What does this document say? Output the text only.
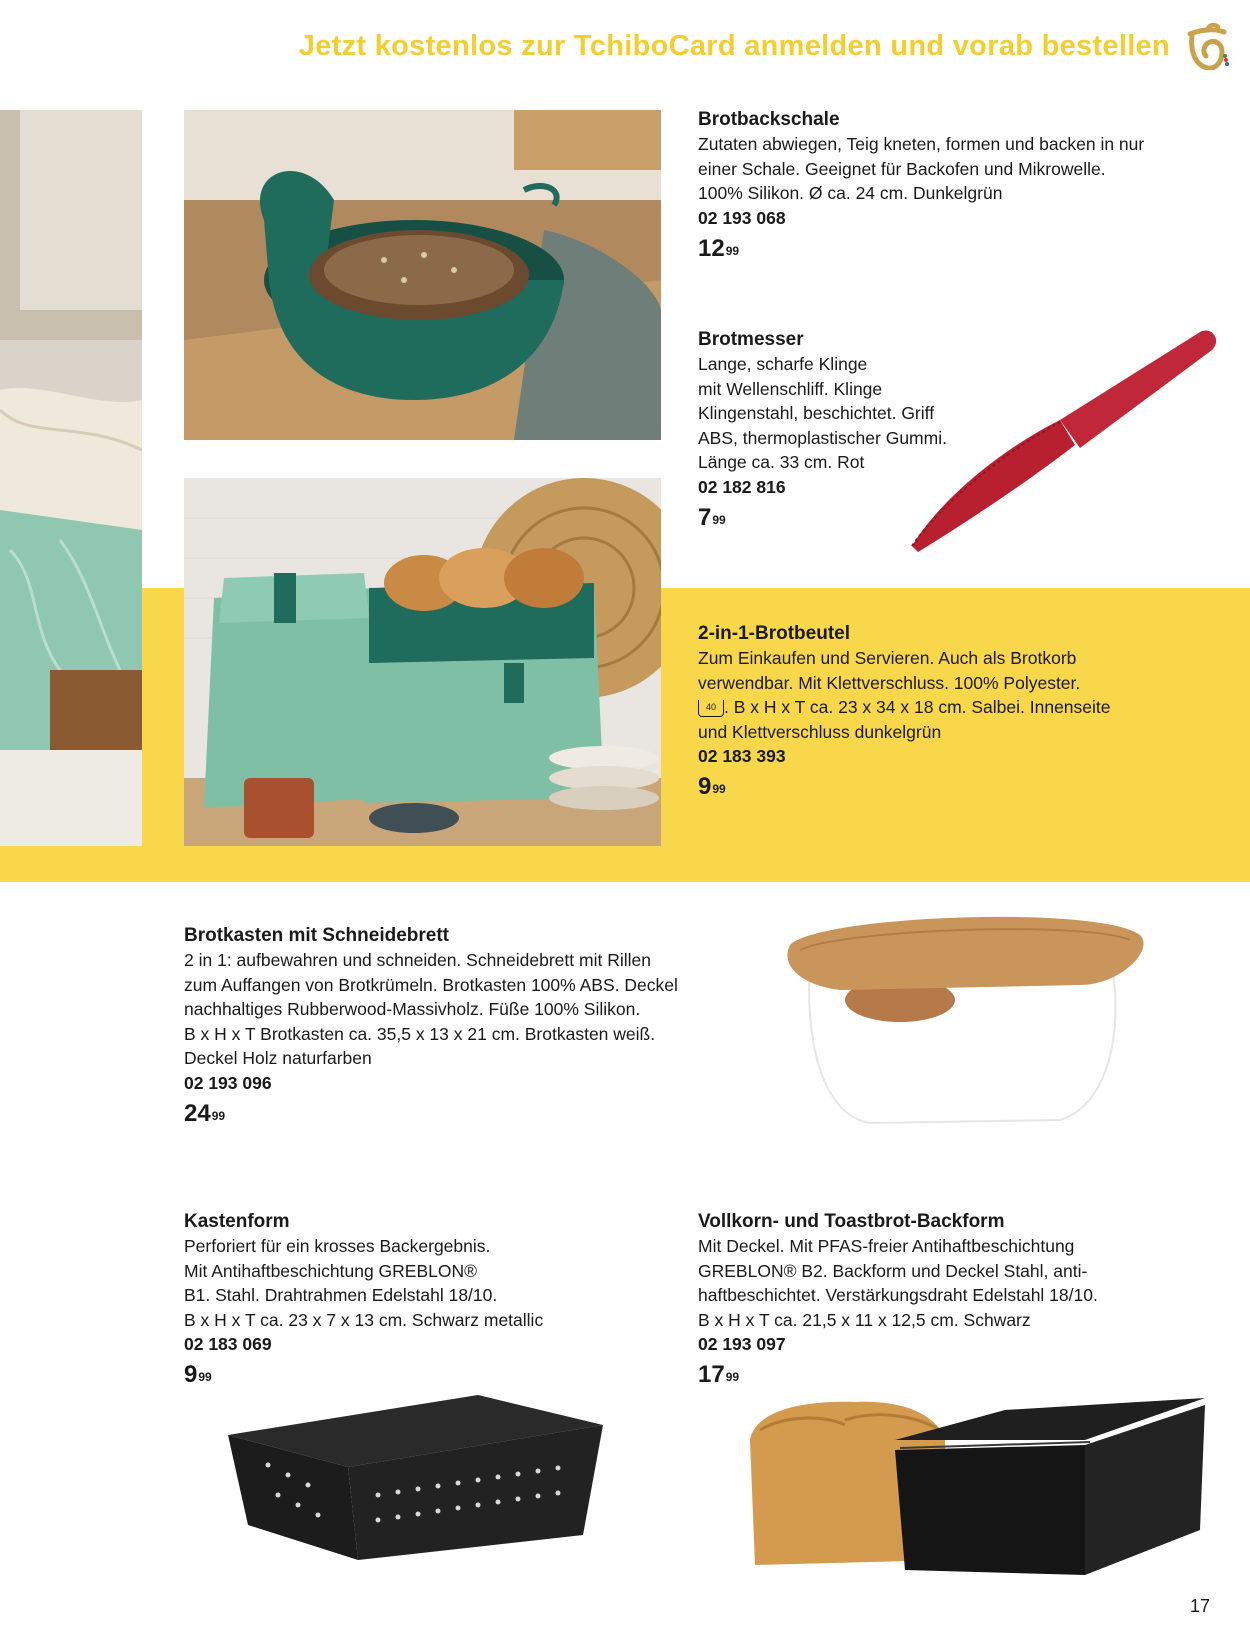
Jetzt kostenlos zur TchiboCard anmelden und vorab bestellen
Brotbackschale
Zutaten abwiegen, Teig kneten, formen und backen in nur
einer Schale. Geeignet für Backofen und Mikrowelle.
100% Silikon. Ø ca. 24 cm. Dunkelgrün
02 193 068
$12^{99}$
Brotmesser
Lange, scharfe Klinge
mit Wellenschliff. Klinge
Klingenstahl, beschichtet. Griff
ABS, thermoplastischer Gummi.
Länge ca. 33 cm. Rot
02 182 816
$7^{99}$
2-in-1-Brotbeutel
Zum Einkaufen und Servieren. Auch als Brotkorb
verwendbar. Mit Klettverschluss. 100% Polyester.
40 . B x H x T ca. 23 x 34 x 18 cm. Salbei. Innenseite
und Klettverschluss dunkelgrün
02 183 393
$9^{99}$
Brotkasten mit Schneidebrett
2 in 1: aufbewahren und schneiden. Schneidebrett mit Rillen
zum Auffangen von Brotkrümeln. Brotkasten 100% ABS. Deckel
nachhaltiges Rubberwood-Massivholz. Füße 100% Silikon.
B x H x T Brotkasten ca. 35,5 x 13 x 21 cm. Brotkasten weiß.
Deckel Holz naturfarben
02 193 096
$24^{99}$
Kastenform
Perforiert für ein krosses Backergebnis.
Mit Antihaftbeschichtung GREBLON®
B1. Stahl. Drahtrahmen Edelstahl 18/10.
B x H x T ca. 23 x 7 x 13 cm. Schwarz metallic
02 183 069
$9^{99}$
Vollkorn- und Toastbrot-Backform
Mit Deckel. Mit PFAS-freier Antihaftbeschichtung
GREBLON® B2. Backform und Deckel Stahl, anti-
haftbeschichtet. Verstärkungsdraht Edelstahl 18/10.
B x H x T ca. 21,5 x 11 x 12,5 cm. Schwarz
02 193 097
$17^{99}$
17
